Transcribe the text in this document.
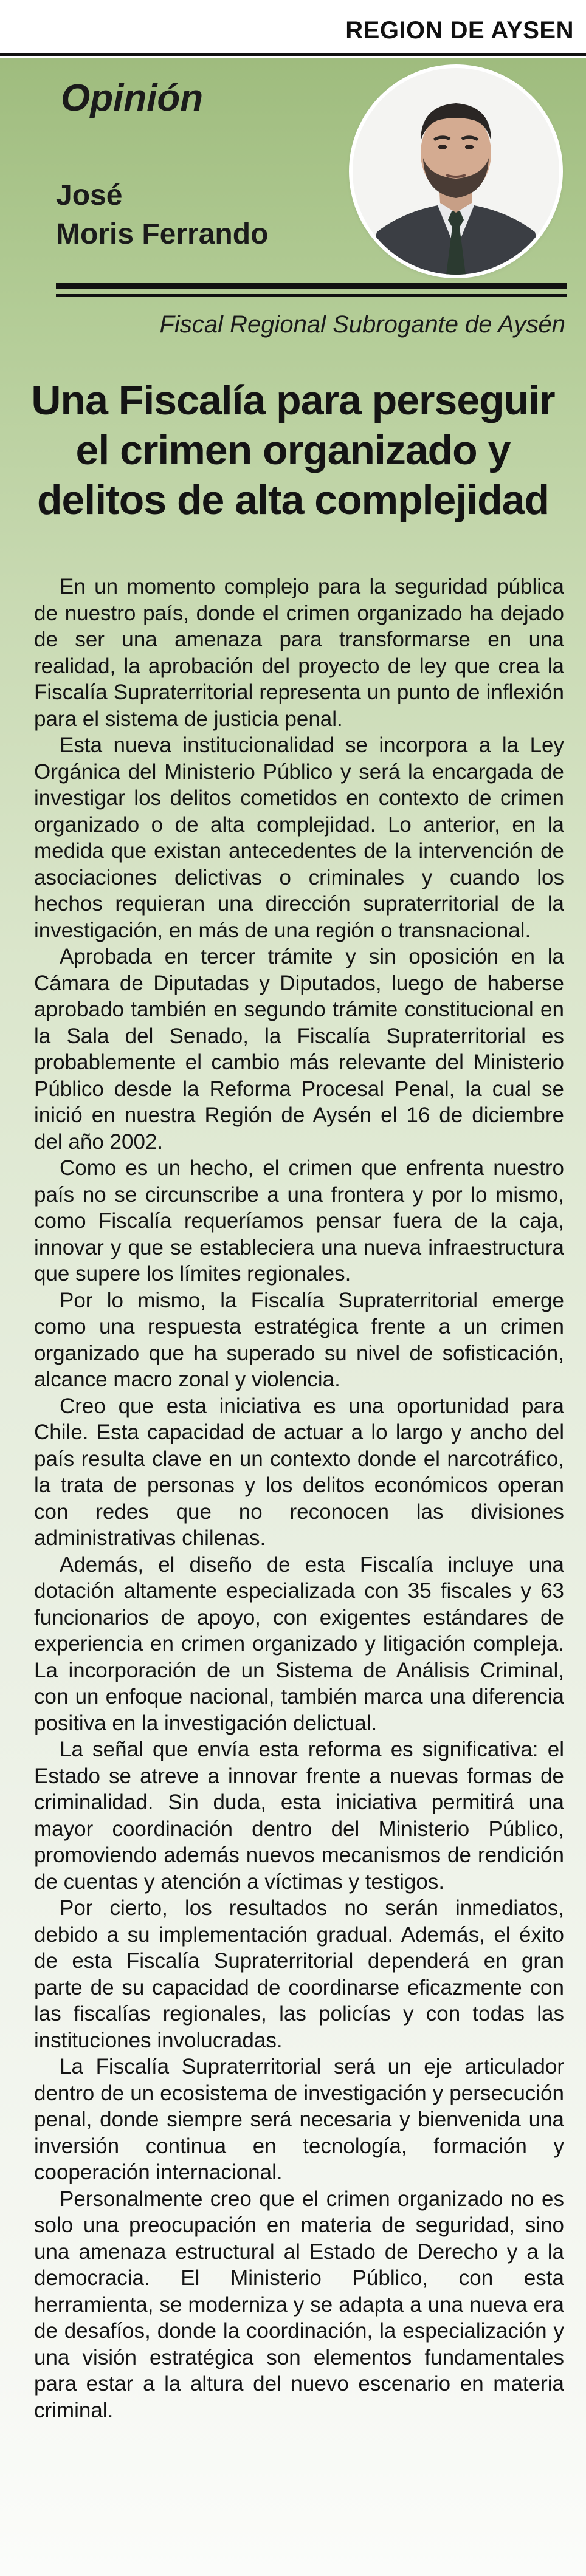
REGION DE AYSEN
Opinión
José
Moris Ferrando
Fiscal Regional Subrogante de Aysén
Una Fiscalía para perseguir el crimen organizado y delitos de alta complejidad

En un momento complejo para la seguridad pública de nuestro país, donde el crimen organizado ha dejado de ser una amenaza para transformarse en una realidad, la aprobación del proyecto de ley que crea la Fiscalía Supraterritorial representa un punto de inflexión para el sistema de justicia penal.

Esta nueva institucionalidad se incorpora a la Ley Orgánica del Ministerio Público y será la encargada de investigar los delitos cometidos en contexto de crimen organizado o de alta complejidad. Lo anterior, en la medida que existan antecedentes de la intervención de asociaciones delictivas o criminales y cuando los hechos requieran una dirección supraterritorial de la investigación, en más de una región o transnacional.

Aprobada en tercer trámite y sin oposición en la Cámara de Diputadas y Diputados, luego de haberse aprobado también en segundo trámite constitucional en la Sala del Senado, la Fiscalía Supraterritorial es probablemente el cambio más relevante del Ministerio Público desde la Reforma Procesal Penal, la cual se inició en nuestra Región de Aysén el 16 de diciembre del año 2002.

Como es un hecho, el crimen que enfrenta nuestro país no se circunscribe a una frontera y por lo mismo, como Fiscalía requeríamos pensar fuera de la caja, innovar y que se estableciera una nueva infraestructura que supere los límites regionales.

Por lo mismo, la Fiscalía Supraterritorial emerge como una respuesta estratégica frente a un crimen organizado que ha superado su nivel de sofisticación, alcance macro zonal y violencia.

Creo que esta iniciativa es una oportunidad para Chile. Esta capacidad de actuar a lo largo y ancho del país resulta clave en un contexto donde el narcotráfico, la trata de personas y los delitos económicos operan con redes que no reconocen las divisiones administrativas chilenas.

Además, el diseño de esta Fiscalía incluye una dotación altamente especializada con 35 fiscales y 63 funcionarios de apoyo, con exigentes estándares de experiencia en crimen organizado y litigación compleja. La incorporación de un Sistema de Análisis Criminal, con un enfoque nacional, también marca una diferencia positiva en la investigación delictual.

La señal que envía esta reforma es significativa: el Estado se atreve a innovar frente a nuevas formas de criminalidad. Sin duda, esta iniciativa permitirá una mayor coordinación dentro del Ministerio Público, promoviendo además nuevos mecanismos de rendición de cuentas y atención a víctimas y testigos.

Por cierto, los resultados no serán inmediatos, debido a su implementación gradual. Además, el éxito de esta Fiscalía Supraterritorial dependerá en gran parte de su capacidad de coordinarse eficazmente con las fiscalías regionales, las policías y con todas las instituciones involucradas.

La Fiscalía Supraterritorial será un eje articulador dentro de un ecosistema de investigación y persecución penal, donde siempre será necesaria y bienvenida una inversión continua en tecnología, formación y cooperación internacional.

Personalmente creo que el crimen organizado no es solo una preocupación en materia de seguridad, sino una amenaza estructural al Estado de Derecho y a la democracia. El Ministerio Público, con esta herramienta, se moderniza y se adapta a una nueva era de desafíos, donde la coordinación, la especialización y una visión estratégica son elementos fundamentales para estar a la altura del nuevo escenario en materia criminal.
